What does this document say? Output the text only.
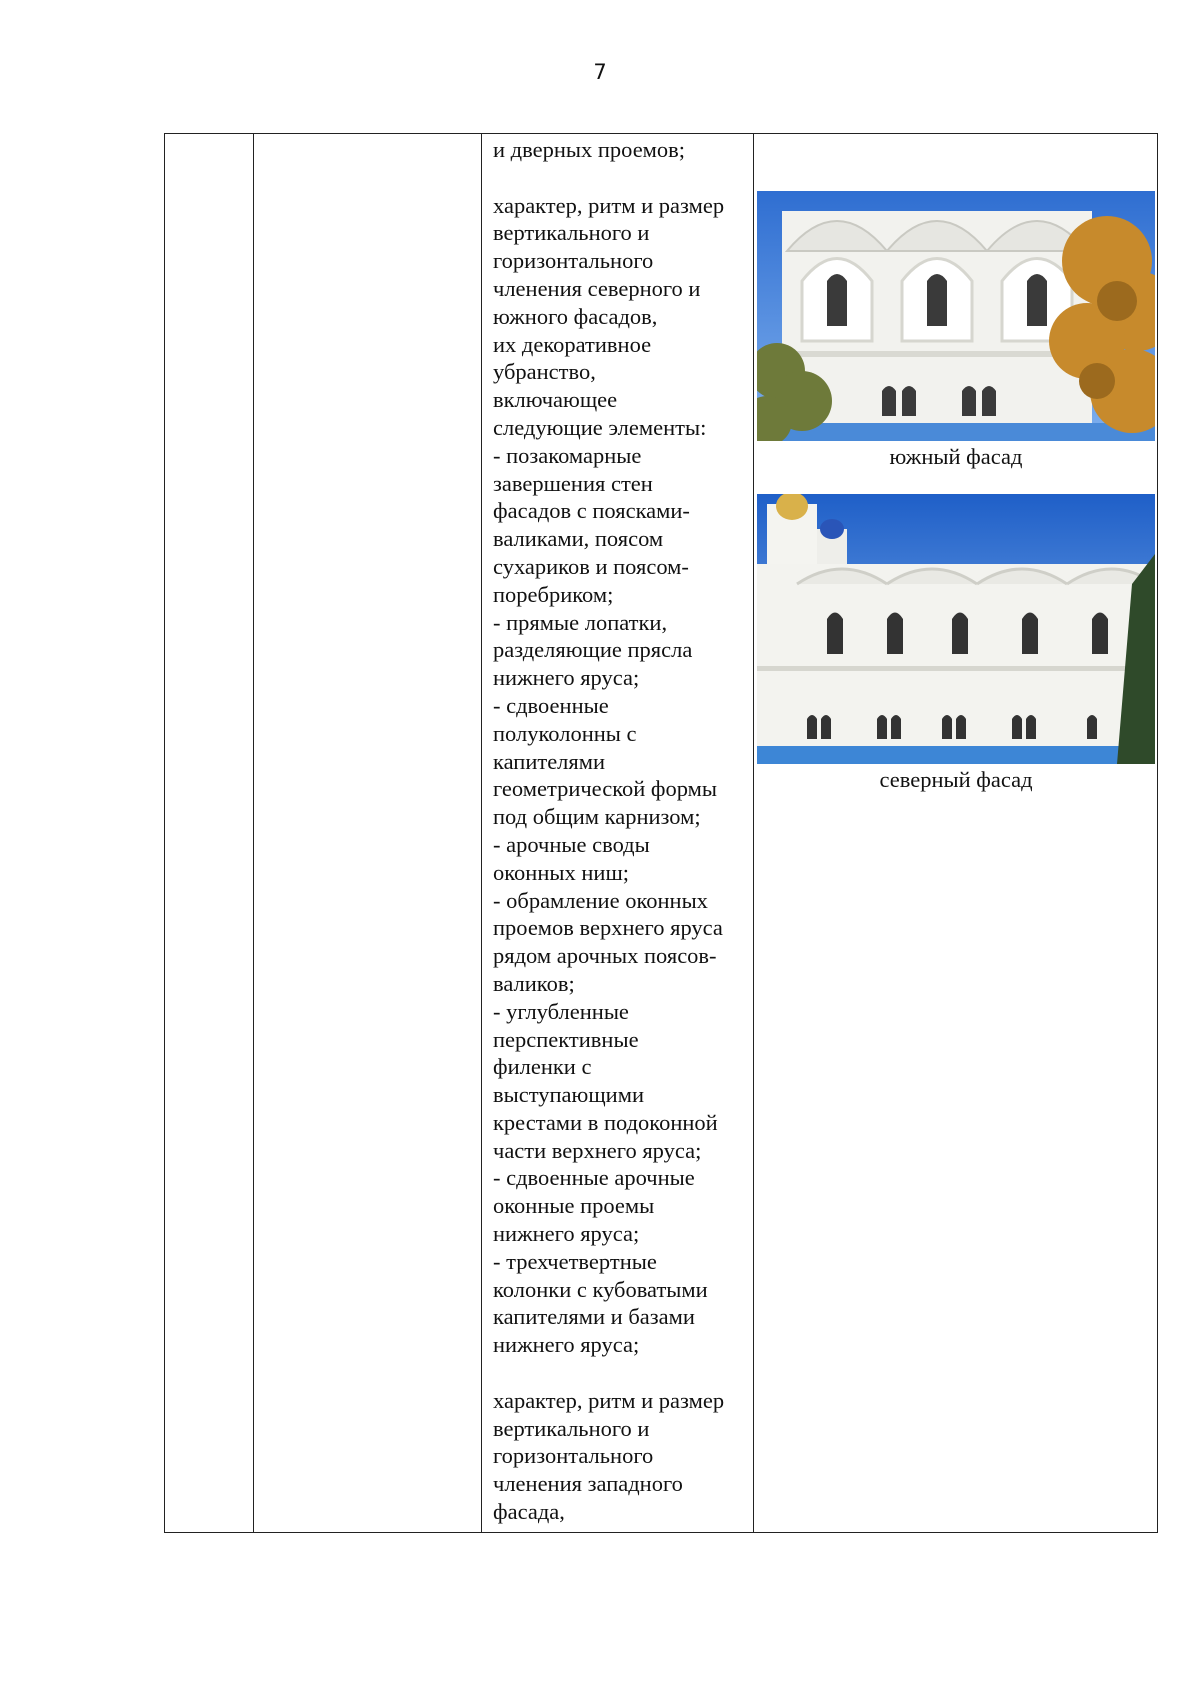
7

и дверных проемов;

характер, ритм и размер

вертикального и

горизонтального

членения северного и

южного фасадов,

их декоративное

убранство,

включающее

следующие элементы:

- позакомарные

завершения стен

фасадов с поясками-

валиками, поясом

сухариков и поясом-

поребриком;

- прямые лопатки,

разделяющие прясла

нижнего яруса;

- сдвоенные

полуколонны с

капителями

геометрической формы

под общим карнизом;

- арочные своды

оконных ниш;

- обрамление оконных

проемов верхнего яруса

рядом арочных поясов-

валиков;

- углубленные

перспективные

филенки с

выступающими

крестами в подоконной

части верхнего яруса;

- сдвоенные арочные

оконные проемы

нижнего яруса;

- трехчетвертные

колонки с кубоватыми

капителями и базами

нижнего яруса;

характер, ритм и размер

вертикального и

горизонтального

членения западного

фасада,

южный фасад
северный фасад
